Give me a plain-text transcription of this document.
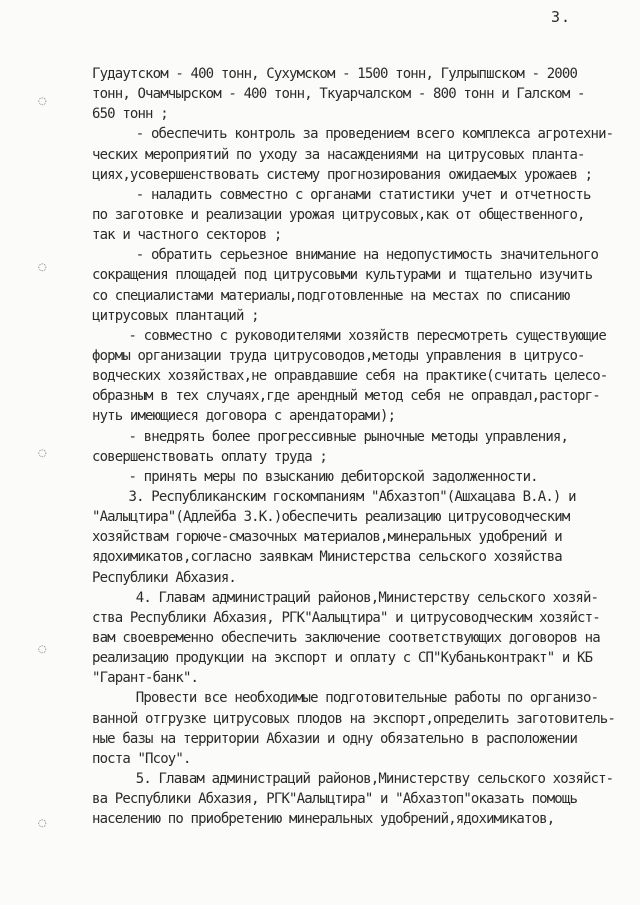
3.
◌
◌
◌
◌
◌
Гудаутском - 400 тонн, Сухумском - 1500 тонн, Гулрыпшском - 2000
тонн, Очамчырском - 400 тонн, Ткуарчалском - 800 тонн и Галском -
650 тонн ;
- обеспечить контроль за проведением всего комплекса агротехни-
ческих мероприятий по уходу за насаждениями на цитрусовых планта-
циях,усовершенствовать систему прогнозирования ожидаемых урожаев ;
- наладить совместно с органами статистики учет и отчетность
по заготовке и реализации урожая цитрусовых,как от общественного,
так и частного секторов ;
- обратить серьезное внимание на недопустимость значительного
сокращения площадей под цитрусовыми культурами и тщательно изучить
со специалистами материалы,подготовленные на местах по списанию
цитрусовых плантаций ;
- совместно с руководителями хозяйств пересмотреть существующие
формы организации труда цитрусоводов,методы управления в цитрусо-
водческих хозяйствах,не оправдавшие себя на практике(считать целесо-
образным в тех случаях,где арендный метод себя не оправдал,расторг-
нуть имеющиеся договора с арендаторами);
- внедрять более прогрессивные рыночные методы управления,
совершенствовать оплату труда ;
- принять меры по взысканию дебиторской задолженности.
3. Республиканским госкомпаниям "Абхазтоп"(Ашхацава В.А.) и
"Аалыцтира"(Адлейба З.К.)обеспечить реализацию цитрусоводческим
хозяйствам горюче-смазочных материалов,минеральных удобрений и
ядохимикатов,согласно заявкам Министерства сельского хозяйства
Республики Абхазия.
4. Главам администраций районов,Министерству сельского хозяй-
ства Республики Абхазия, РГК"Аалыцтира" и цитрусоводческим хозяйст-
вам своевременно обеспечить заключение соответствующих договоров на
реализацию продукции на экспорт и оплату с СП"Кубаньконтракт" и КБ
"Гарант-банк".
Провести все необходимые подготовительные работы по организо-
ванной отгрузке цитрусовых плодов на экспорт,определить заготовитель-
ные базы на территории Абхазии и одну обязательно в расположении
поста "Псоу".
5. Главам администраций районов,Министерству сельского хозяйст-
ва Республики Абхазия, РГК"Аалыцтира" и "Абхазтоп"оказать помощь
населению по приобретению минеральных удобрений,ядохимикатов,
